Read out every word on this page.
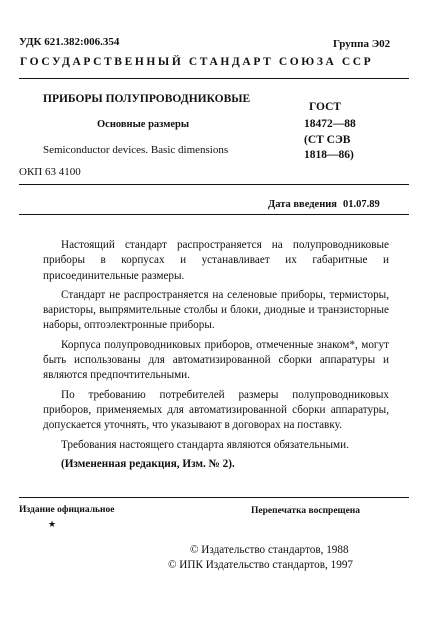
УДК 621.382:006.354	Группа Э02
ГОСУДАРСТВЕННЫЙ СТАНДАРТ СОЮЗА ССР
ПРИБОРЫ ПОЛУПРОВОДНИКОВЫЕ
Основные размеры
Semiconductor devices. Basic dimensions
ГОСТ
18472—88
(СТ СЭВ
1818—86)
ОКП 63 4100
Дата введения 01.07.89

Настоящий стандарт распространяется на полупроводниковые приборы в корпусах и устанавливает их габаритные и присоединительные размеры.

Стандарт не распространяется на селеновые приборы, термисторы, варисторы, выпрямительные столбы и блоки, диодные и транзисторные наборы, оптоэлектронные приборы.

Корпуса полупроводниковых приборов, отмеченные знаком*, могут быть использованы для автоматизированной сборки аппаратуры и являются предпочтительными.

По требованию потребителей размеры полупроводниковых приборов, применяемых для автоматизированной сборки аппаратуры, допускается уточнять, что указывают в договорах на поставку.

Требования настоящего стандарта являются обязательными.

(Измененная редакция, Изм. № 2).

Издание официальное
★
Перепечатка воспрещена
© Издательство стандартов, 1988
© ИПК Издательство стандартов, 1997
